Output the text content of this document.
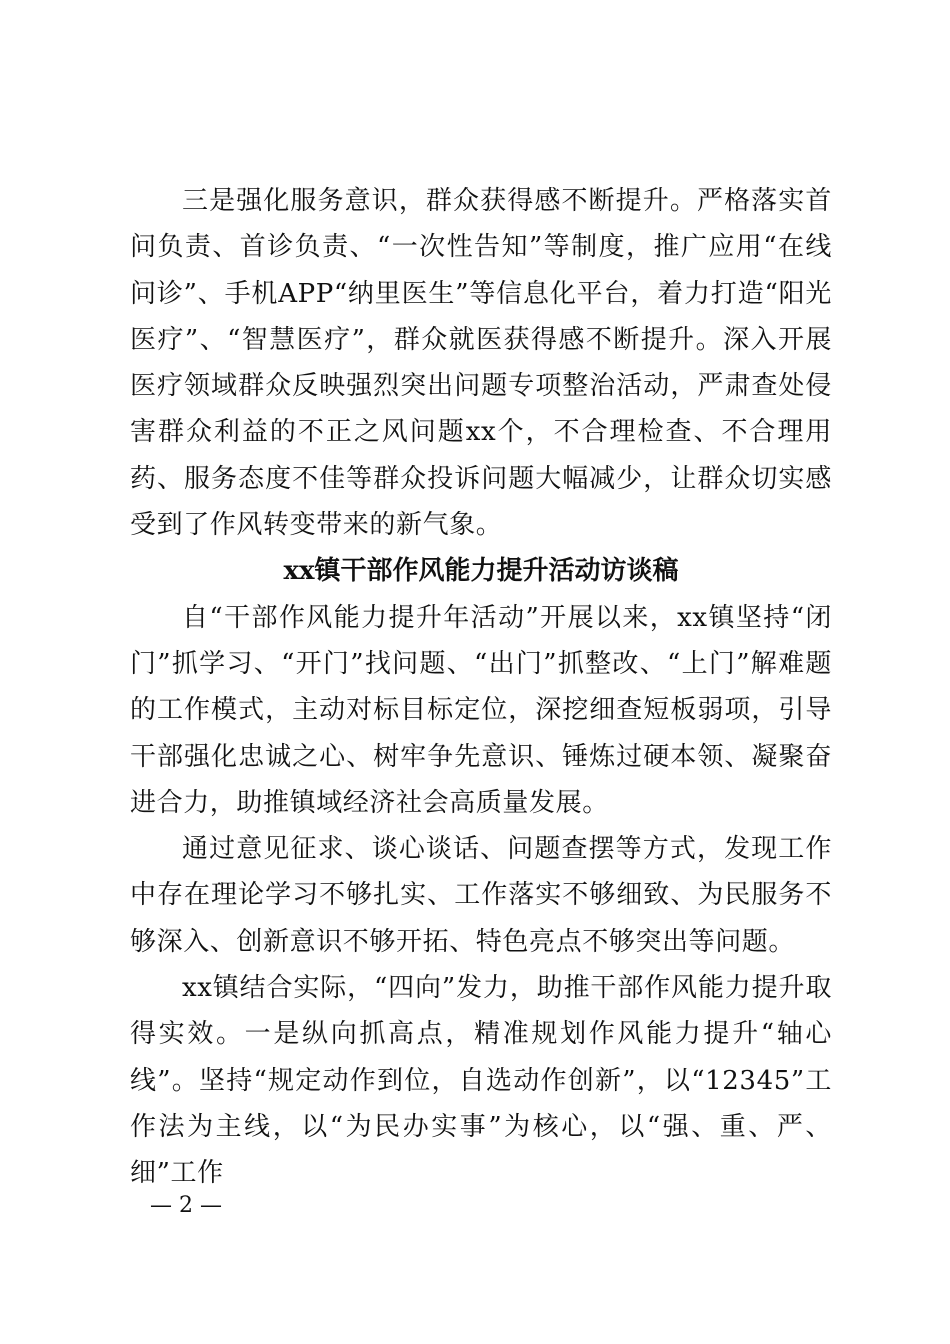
三是强化服务意识，群众获得感不断提升。严格落实首问负责、首诊负责、“一次性告知”等制度，推广应用“在线问诊”、手机APP“纳里医生”等信息化平台，着力打造“阳光医疗”、“智慧医疗”，群众就医获得感不断提升。深入开展医疗领域群众反映强烈突出问题专项整治活动，严肃查处侵害群众利益的不正之风问题xx个，不合理检查、不合理用药、服务态度不佳等群众投诉问题大幅减少，让群众切实感受到了作风转变带来的新气象。

xx镇干部作风能力提升活动访谈稿

自“干部作风能力提升年活动”开展以来，xx镇坚持“闭门”抓学习、“开门”找问题、“出门”抓整改、“上门”解难题的工作模式，主动对标目标定位，深挖细查短板弱项，引导干部强化忠诚之心、树牢争先意识、锤炼过硬本领、凝聚奋进合力，助推镇域经济社会高质量发展。

通过意见征求、谈心谈话、问题查摆等方式，发现工作中存在理论学习不够扎实、工作落实不够细致、为民服务不够深入、创新意识不够开拓、特色亮点不够突出等问题。

xx镇结合实际，“四向”发力，助推干部作风能力提升取得实效。一是纵向抓高点，精准规划作风能力提升“轴心线”。坚持“规定动作到位，自选动作创新”，以“12345”工作法为主线，以“为民办实事”为核心，以“强、重、严、细”工作

— 2 —
